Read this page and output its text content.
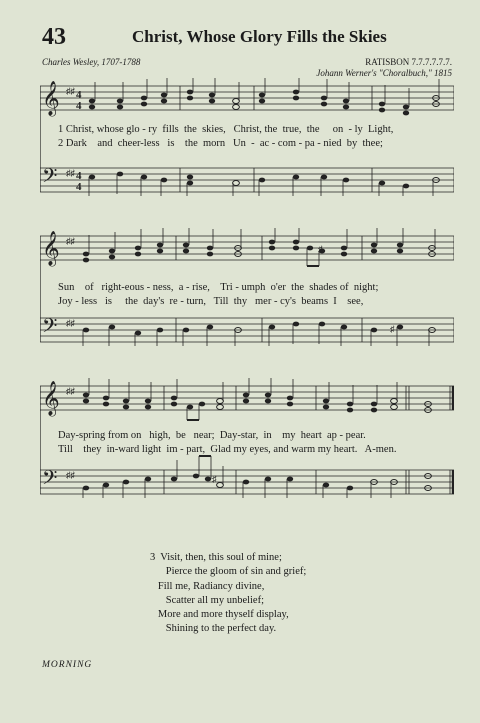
43	Christ, Whose Glory Fills the Skies
Charles Wesley, 1707-1788	RATISBON 7.7.7.7.7.7.
Johann Werner's "Choralbuch," 1815
𝄞
𝄢
♯♯
♯♯
4
4
4
4
1 Christ, whose glo - ry  fills  the  skies,   Christ, the  true,  the     on  - ly  Light,
2 Dark    and  cheer-less   is    the  morn   Un  -  ac - com - pa - nied  by  thee;
𝄞
𝄢
♯♯
♯♯
♯
♯
Sun    of   right-eous - ness,  a - rise,    Tri - umph  o'er  the  shades of  night;
Joy - less   is     the  day's  re - turn,   Till  thy   mer - cy's  beams  I    see,
𝄞
𝄢
♯♯
♯♯	♯
Day-spring from on   high,  be   near;  Day-star,  in    my  heart  ap - pear.
Till    they  in-ward light  im - part,  Glad my eyes, and warm my heart.   A-men.
3  Visit, then, this soul of mine;
Pierce the gloom of sin and grief;
Fill me, Radiancy divine,
Scatter all my unbelief;
More and more thyself display,
Shining to the perfect day.
MORNING
